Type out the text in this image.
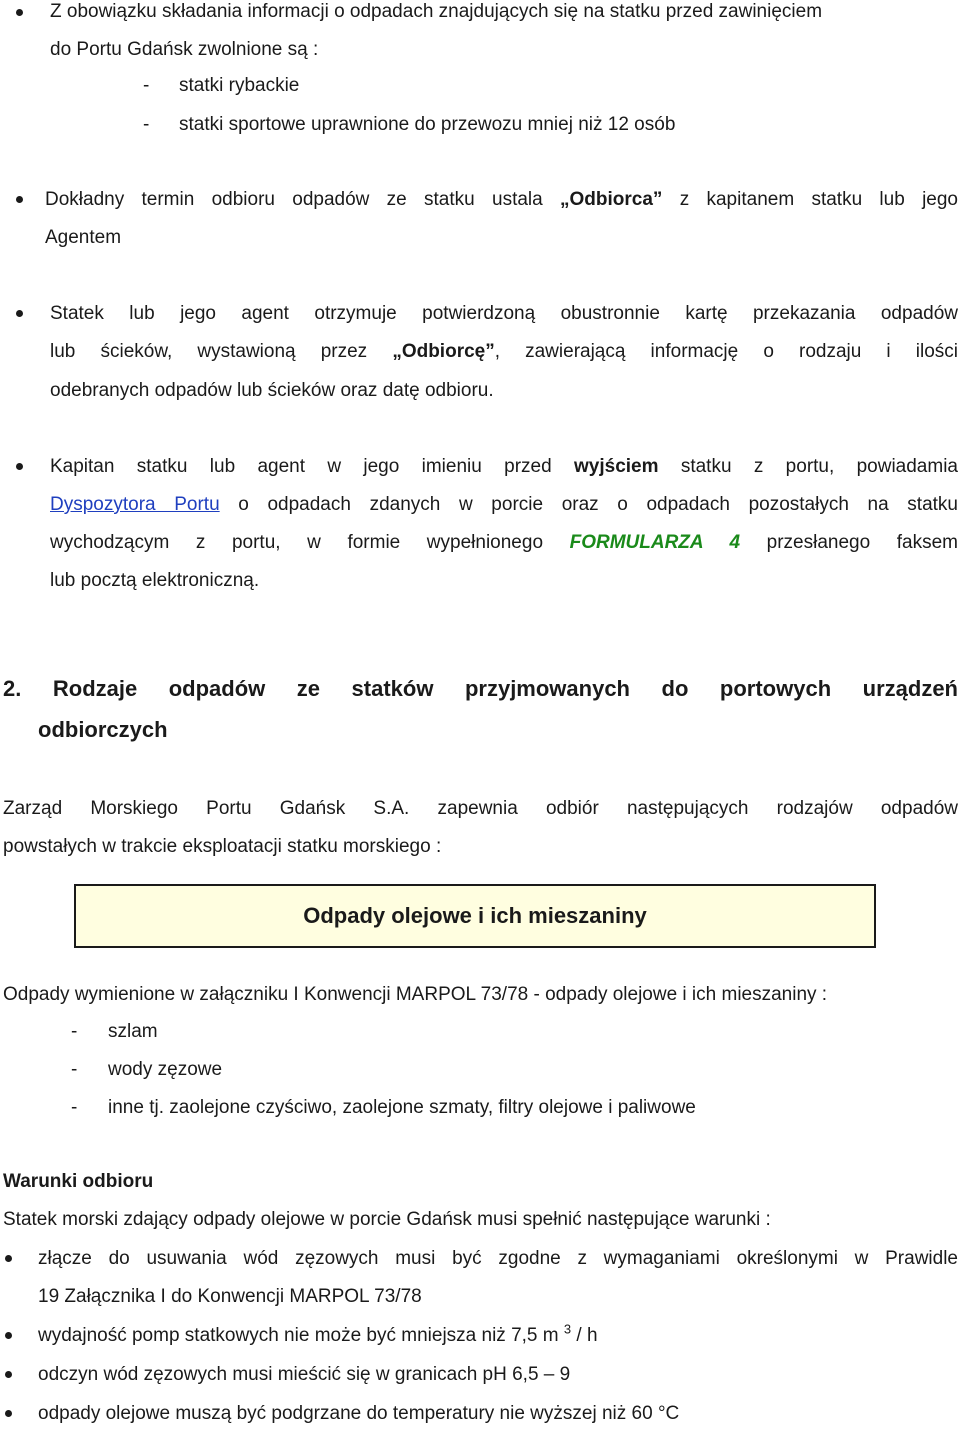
Z obowiązku składania informacji o odpadach znajdujących się na statku przed zawinięciem
do Portu Gdańsk zwolnione są :
- statki rybackie
- statki sportowe uprawnione do przewozu mniej niż 12 osób
Dokładny termin odbioru odpadów ze statku ustala „Odbiorca” z kapitanem statku lub jego
Agentem
Statek lub jego agent otrzymuje potwierdzoną obustronnie kartę przekazania odpadów
lub ścieków, wystawioną przez „Odbiorcę”, zawierającą informację o rodzaju i ilości
odebranych odpadów lub ścieków oraz datę odbioru.
Kapitan statku lub agent w jego imieniu przed wyjściem statku z portu, powiadamia
Dyspozytora Portu o odpadach zdanych w porcie oraz o odpadach pozostałych na statku
wychodzącym z portu, w formie wypełnionego FORMULARZA 4 przesłanego faksem
lub pocztą elektroniczną.
2. Rodzaje odpadów ze statków przyjmowanych do portowych urządzeń
odbiorczych
Zarząd Morskiego Portu Gdańsk S.A. zapewnia odbiór następujących rodzajów odpadów
powstałych w trakcie eksploatacji statku morskiego :
Odpady olejowe i ich mieszaniny
Odpady wymienione w załączniku I Konwencji MARPOL 73/78 - odpady olejowe i ich mieszaniny :
- szlam
- wody zęzowe
- inne tj. zaolejone czyściwo, zaolejone szmaty, filtry olejowe i paliwowe
Warunki odbioru
Statek morski zdający odpady olejowe w porcie Gdańsk musi spełnić następujące warunki :
złącze do usuwania wód zęzowych musi być zgodne z wymaganiami określonymi w Prawidle
19 Załącznika I do Konwencji MARPOL 73/78
wydajność pomp statkowych nie może być mniejsza niż 7,5 m $^3$ / h
odczyn wód zęzowych musi mieścić się w granicach pH 6,5 – 9
odpady olejowe muszą być podgrzane do temperatury nie wyższej niż 60 °C
